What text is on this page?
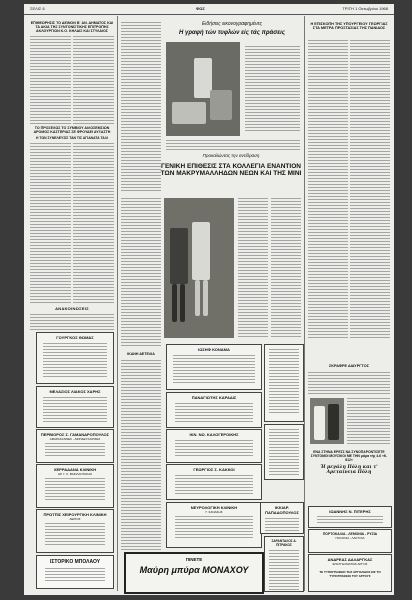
ΣΕΛΙΣ 6	ΦΩΣ	ΤΡΙΤΗ 1 Οκτωβρίου 1968
ΕΠΙΘΕΩΡΗΣΙΣ ΤΟ ΔΕΙΝΟΝ Β΄ ΑΝ. ΔΗΜΑΤΟΣ ΚΑΙ ΤΑ ΑΚΙΑ ΤΗΣ ΣΥΝΤΟΝΙΣΤΙΚΗΣ ΕΠΙΤΡΟΠΗΣ ΑΚΛΟΥΡΓΙΩΝ Κ.Ο. ΚΗΛΑΙΣ ΚΑΙ ΣΤΥΛΑΙΟΣ
ΤΟ ΠΡΟΣΕΧΩΣ ΤΟ ΣΥΜΒΙΟΥ ΑΙΛΟΣΕΜΣΙΩΝ ΑΡΟΜΟΣ ΚΑΣΤΕΡΙΑΣ ΣΕ ΦΡΟΥΔΕΙ ΑΥΞΑΣΤΗ
Η ΤΩΝ ΣΥΝΕΛΕΥΣΙΣ ΤΑΝ ΤΙΣ ΑΓΙΑΝΑΤΑ ΤΑΛΙ
ΑΝΑΚΟΙΝΩΣΕΙΣ
ΓΟΥΡΓΚΟΣ ΘΩΜΑΣ
ΜΕΛΑΣΙΟΣ ΛΙΑΚΟΣ ΧΑΡΗΣ
ΠΕΡΒΙΟΡΟΣ Σ. ΓΑΜΑΝΔΡΟΠΟΥΛΟΣ
ΑΦΑΡΑΚΑΝΝΕΣ - ΑΦΡΙΔΕΥΚΑΡΙΣΕΣ
ΧΕΡΡΑΔΑΝΑ ΚΛΙΝΙΚΗ
ΔΡ. Γ. Σ. ΒΑΣΙΛΑΝΤΑΚΑΣ
ΠΡΩΤΠΙΣ ΧΕΙΡΟΥΡΓΙΚΗ ΚΛΙΝΙΚΗ
ΑΕΡΙΟΣ
ΙΣΤΟΡΙΚΟ ΜΠΟΛΑΟΥ
Ειδήσεις εικονογραφημένες
Η γραφή τών τυφλών είς τάς πράσεις
Προκαλώντας την αντίδραση
ΓΕΝΙΚΗ ΕΠΙΘΕΣΙΣ ΣΤΑ ΚΟΛΛΕΓΙΑ ΕΝΑΝΤΙΟΝ ΤΩΝ ΜΑΚΡΥΜΑΛΛΗΔΩΝ ΝΕΩΝ ΚΑΙ ΤΗΣ ΜΙΝΙ
ΙΚΑΝΗ ΔΕΤΕΛΙΑ
ΙΩΣΗΦ ΚΟΝΑΜΑ
ΠΑΝΑΓΙΩΤΗΣ ΚΑΡΑΔΙΣ
ΙΚΝ. ΝΩ. ΚΑΛΟΓΕΡΟΙΚΗΣ
ΓΕΩΡΓΙΟΣ Σ. ΚΑΚΚΟΙ
ΝΕΥΡΟΛΟΓΙΚΗ ΚΛΙΝΙΚΗ
Γ. ΣΑΝΑΣΗΣ
ΙΚΚΙΑΡ. ΠΑΠΑΔΟΠΟΥΛΟΣ
ΠΙΝΕΤΕ
Μαύρη μπύρα ΜΟΝΑΧΟΥ
ΣΑΡΑΝΤΑΛΟΣ Α. ΠΙΤΡΑΚΟΣ
Η ΕΠΙΣΚΟΠΗ ΤΗΣ ΥΠΟΥΡΓΕΙΟΥ ΓΕΩΡΓΙΑΣ ΣΤΑ ΜΕΤΡΑ ΠΡΟΣΤΑΣΙΑΣ ΤΗΣ ΠΑΝΙΔΟΣ
ΣΚΡΑΦΡΕ ΔΙΑΥΡΓΤΟΣ
ΕΝΑ ΣΤΗΝΑ ΕΡΕΣΣ ΝΑ ΣΥΝΟΠΑΡΟΝΤΙΣΕΤΕ ΣΥΝΤΟΜΟΙ ΜΟΥΣΙΚΟΙ ΜΕ ΤΗΝ μάρα τής 4.6 «Κ. 812»
Ή μεγάλη Πόλη και τ' Αρεταίνεια Πόλη
ΙΩΑΝΝΗΣ Ν. ΠΙΤΕΡΗΣ
ΠΟΡΤΟΚΑΛΙΑ - ΛΕΜΟΝΙΑ - ΡΥΖΙΑ
ΠΟΛΟΝΙΑ - ΛΑΚΤΟΙΑ
ΑΝΔΡΕΑΣ ΔΑΛΑΡΓΚΑΣ
ΕΠΑΓΓΕΛΜΑΤΙΑΣ ΑΡΓΟΣ
ΤΕ ΤΥΠΟΓΡΑΦΕΙΟ ΤΗΣ ΑΡΓΟΛΙΔΟΣ ΕΙΣ ΤΟ ΤΥΠΟΓΡΑΦΕΙΟ ΤΟΥ ΑΡΓΟΥΣ
